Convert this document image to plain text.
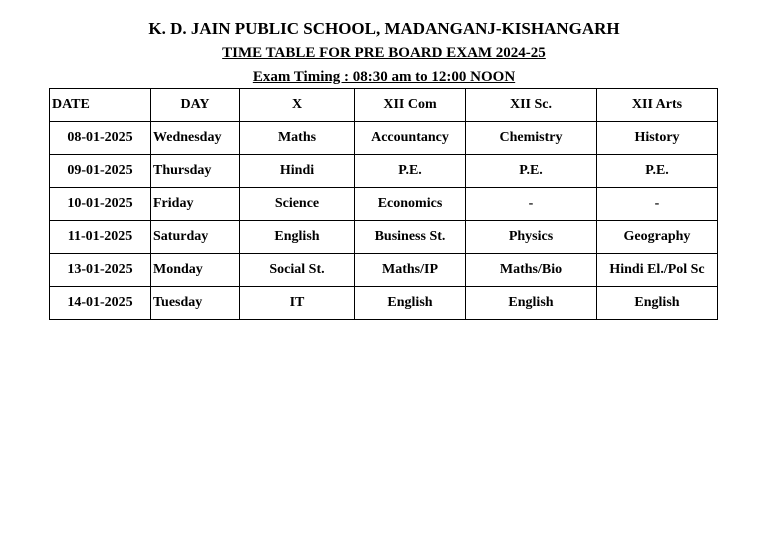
K. D. JAIN PUBLIC SCHOOL, MADANGANJ-KISHANGARH
TIME TABLE FOR PRE BOARD EXAM 2024-25
Exam Timing : 08:30 am to 12:00 NOON
DATE	DAY	X	XII Com	XII Sc.	XII Arts
08-01-2025	Wednesday	Maths	Accountancy	Chemistry	History
09-01-2025	Thursday	Hindi	P.E.	P.E.	P.E.
10-01-2025	Friday	Science	Economics	-	-
11-01-2025	Saturday	English	Business St.	Physics	Geography
13-01-2025	Monday	Social St.	Maths/IP	Maths/Bio	Hindi El./Pol Sc
14-01-2025	Tuesday	IT	English	English	English
